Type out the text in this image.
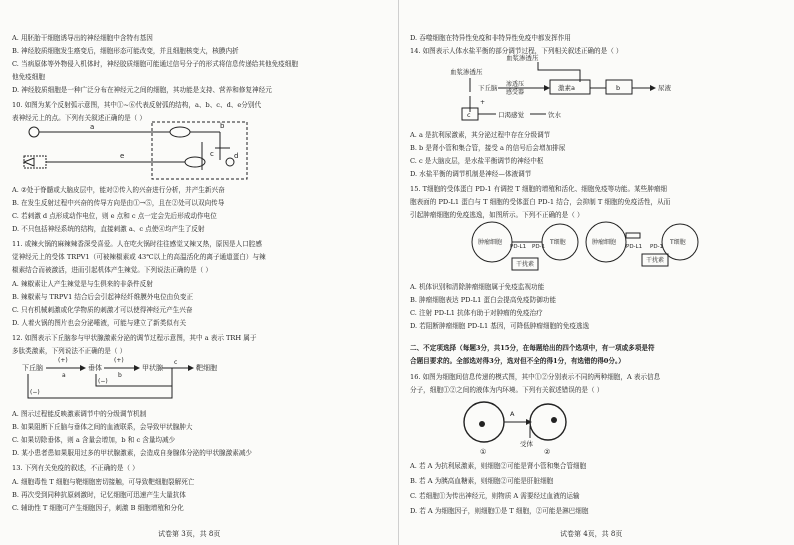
a	b
c	d
e
下丘脑
(+)
a
垂体
(+)
b
甲状腺
c
靶细胞
(−)
(−)
试卷第 3页，共 8页
A. 用胚胎干细胞诱导出的神经细胞中含特有基因
B. 神经胶质细胞发生癌变后，细胞形态可能改变，并且细胞核变大，核膜内折
C. 当病原体等外物侵入机体时，神经胶质细胞可能通过信号分子的形式将信息传递给其他免疫细胞
他免疫细胞
D. 神经胶质细胞是一种广泛分布在神经元之间的细胞，其功能是支持、营养和修复神经元
10. 如图为某个反射弧示意图，其中①~⑥代表反射弧的结构，a、b、c、d、e分别代
表神经元上的点。下列有关叙述正确的是（ ）
A. ②处于脊髓或大脑皮层中，能对②传入的兴奋进行分析，并产生新兴奋
B. 在发生反射过程中兴奋的传导方向是由①→⑤，且在②处可以双向传导
C. 若刺激 d 点形成动作电位，则 e 点和 c 点一定会先后形成动作电位
D. 不只包括神经系统的结构，直接刺激 a、c 点使④均产生了反射
11. 或辣火锅的麻辣辣香深受喜爱。人在吃火锅时往往感觉又辣又热，原因是人口腔感
觉神经元上的受体 TRPV1（可被辣椒素或 43℃以上的高温活化的离子通道蛋白）与辣
椒素结合而被激活，进而引起机体产生辣觉。下列说法正确的是（ ）
A. 辣椒素让人产生辣觉是与生俱来的非条件反射
B. 辣椒素与 TRPV1 结合后会引起神经纤维膜外电位由负变正
C. 只有机械刺激或化学物质的刺激才可以使得神经元产生兴奋
D. 人着火锅的图片也会分泌唾液，可能与建立了新类似有关
12. 如图表示下丘脑参与甲状腺激素分泌的调节过程示意图，其中 a 表示 TRH 属于
多肽类激素，下列说法不正确的是（ ）
A. 图示过程能反映激素调节中的分级调节机制
B. 如果阻断下丘脑与垂体之间的血液联系，会导致甲状腺肿大
C. 如果切除垂体，则 a 含量会增加，b 和 c 含量均减少
D. 某小患者患如果服用过多的甲状腺激素，会造成自身腺体分泌的甲状腺激素减少
13. 下列有关免疫的叙述，不正确的是（ ）
A. 细胞毒性 T 细胞与靶细胞密切接触，可导致靶细胞裂解死亡
B. 再次受到同种抗原刺激时，记忆细胞可迅速产生大量抗体
C. 辅助性 T 细胞可产生细胞因子，刺激 B 细胞增殖和分化
血浆渗透压
血浆渗透压
下丘脑 渗透压
感受器
激素a	b	尿液
c	口渴感觉	饮水
+
肿瘤细胞	T细胞
PD-L1 PD-1
干扰素
肿瘤细胞	T细胞
PD-L1 PD-1
干扰素
A
受体
①	②
试卷第 4页，共 8页
D. 吞噬细胞在特异性免疫和非特异性免疫中都发挥作用
14. 如图表示人体水盐平衡的部分调节过程，下列相关叙述正确的是（ ）
A. a 是抗利尿激素，其分泌过程中存在分级调节
B. b 是肾小管和集合管，接受 a 的信号后会增加排尿
C. c 是大脑皮层，是水盐平衡调节的神经中枢
D. 水盐平衡的调节机制是神经—体液调节
15. T细胞的受体蛋白 PD-1 有调控 T 细胞的增殖和活化、细胞免疫等功能。某些肿瘤细
胞表面的 PD-L1 蛋白与 T 细胞的受体蛋白 PD-1 结合，会抑制 T 细胞的免疫活性，从而
引起肿瘤细胞的免疫逃逸，如图所示。下列不正确的是（ ）
A. 机体识别和清除肿瘤细胞属于免疫监视功能
B. 肿瘤细胞表达 PD-L1 蛋白会提高免疫防御功能
C. 注射 PD-L1 抗体有助于对肿瘤的免疫治疗
D. 若阻断肿瘤细胞 PD-L1 基因，可降低肿瘤细胞的免疫逃逸
二、不定项选择（每题3分，共15分，在每题给出的四个选项中，有一项或多项是符
合题目要求的。全部选对得3分，选对但不全的得1分，有选错的得0分。）
16. 如图为细胞间信息传递的模式图，其中①②分别表示不同的两种细胞，A 表示信息
分子，细胞①②之间的液体为内环境。下列有关叙述错误的是（ ）
A. 若 A 为抗利尿激素，则细胞②可能是肾小管和集合管细胞
B. 若 A 为胰高血糖素，则细胞②可能是肝脏细胞
C. 若细胞①为传出神经元，则物质 A 需要经过血液的运输
D. 若 A 为细胞因子，则细胞①是 T 细胞，②可能是淋巴细胞
